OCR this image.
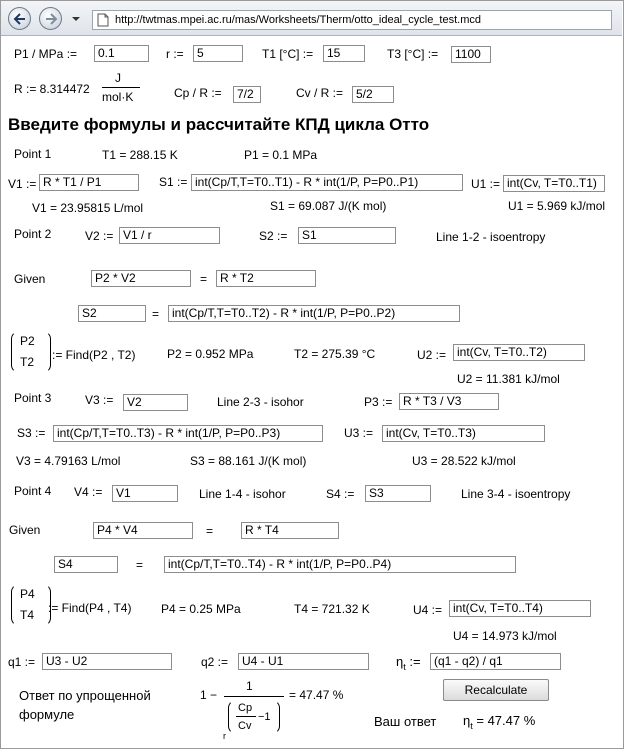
http://twtmas.mpei.ac.ru/mas/Worksheets/Therm/otto_ideal_cycle_test.mcd
P1 / MPa :=	0.1	r :=	5	T1 [°C] :=	15	T3 [°C] :=	1100
R := 8.314472
J
mol·K	Cp / R :=	7/2	Cv / R :=	5/2
Введите формулы и рассчитайте КПД цикла Отто
Point 1	T1 = 288.15 K	P1 = 0.1 MPa
V1 := R * T1 / P1	S1 := int(Cp/T,T=T0..T1) - R * int(1/P, P=P0..P1)	U1 := int(Cv, T=T0..T1)
V1 = 23.95815 L/mol	S1 = 69.087 J/(K mol)	U1 = 5.969 kJ/mol
Point 2	V2 := V1 / r	S2 :=	S1	Line 1-2 - isoentropy
Given	P2 * V2	=	R * T2
S2	=	int(Cp/T,T=T0..T2) - R * int(1/P, P=P0..P2)
P2
T2 := Find(P2 , T2)	P2 = 0.952 MPa	T2 = 275.39 °C	U2 := int(Cv, T=T0..T2)
U2 = 11.381 kJ/mol
Point 3	V3 :=	V2	Line 2-3 - isohor	P3 := R * T3 / V3
S3 := int(Cp/T,T=T0..T3) - R * int(1/P, P=P0..P3)	U3 :=	int(Cv, T=T0..T3)
V3 = 4.79163 L/mol	S3 = 88.161 J/(K mol)	U3 = 28.522 kJ/mol
Point 4 V4 :=	V1	Line 1-4 - isohor	S4 :=	S3	Line 3-4 - isoentropy
Given	P4 * V4	=	R * T4
S4	=	int(Cp/T,T=T0..T4) - R * int(1/P, P=P0..P4)
P4
T4 := Find(P4 , T4) P4 = 0.25 MPa	T4 = 721.32 K	U4 := int(Cv, T=T0..T4)
U4 = 14.973 kJ/mol
q1 := U3 - U2	q2 :=	U4 - U1	$\eta_t$ :=	(q1 - q2) / q1
Ответ по упрощенной
формуле
1 −
1
r
Cp
Cv
−1
= 47.47 %	Recalculate
Ваш ответ $\eta_t = 47.47$ %
